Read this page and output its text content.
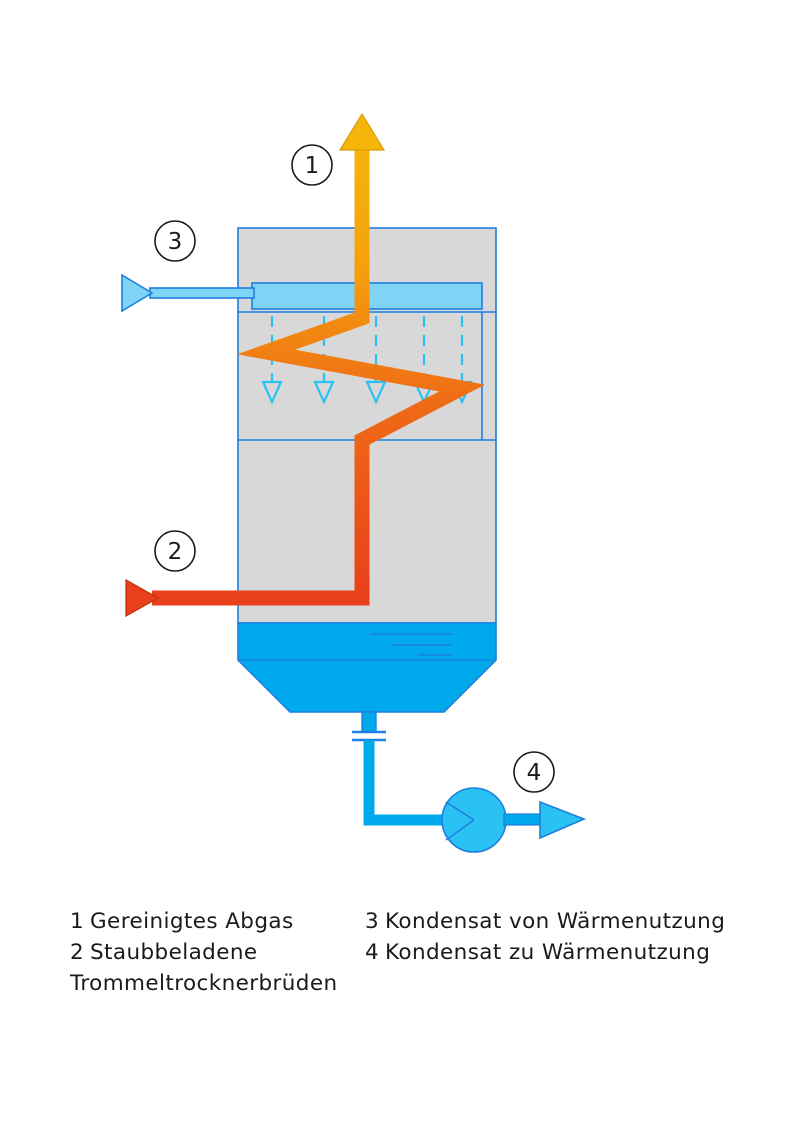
1
3
2
4
1 Gereinigtes Abgas
2 Staubbeladene
Trommeltrocknerbrüden
3 Kondensat von Wärmenutzung
4 Kondensat zu Wärmenutzung
